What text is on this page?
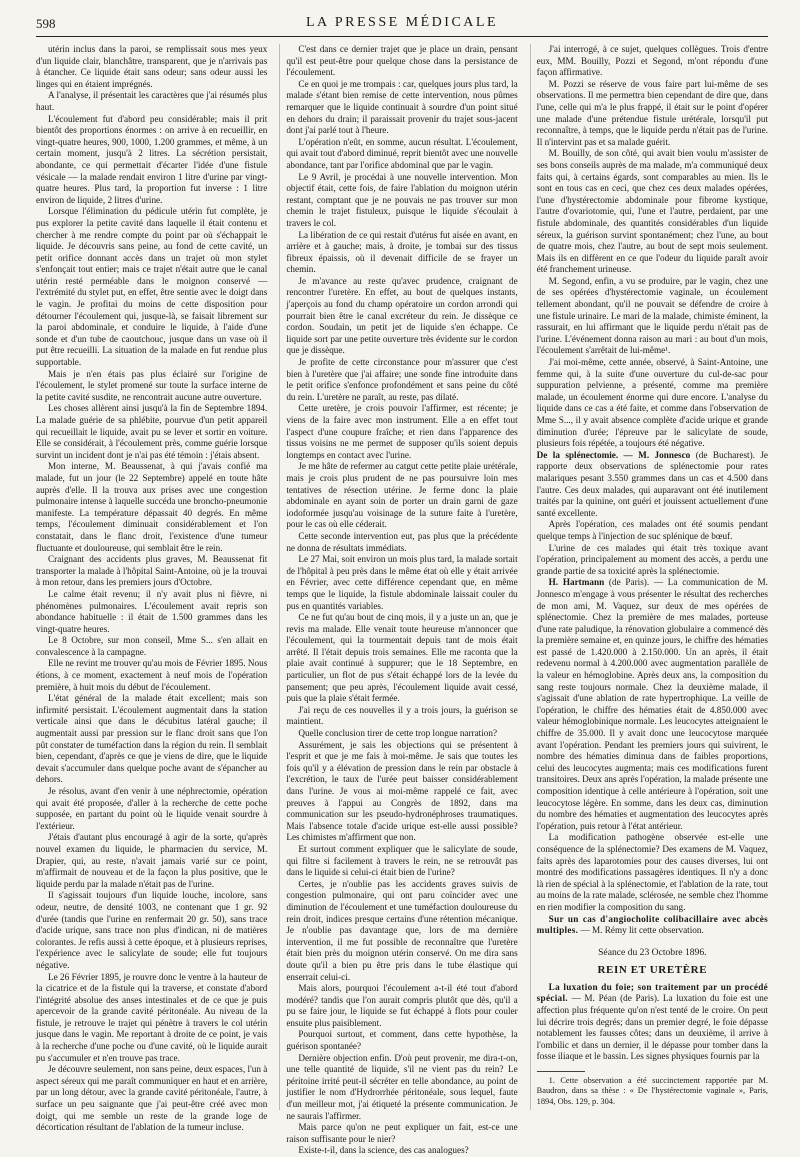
598	LA PRESSE MÉDICALE

utérin inclus dans la paroi, se remplissait sous mes yeux d'un liquide clair, blanchâtre, transparent, que je n'arrivais pas à étancher. Ce liquide était sans odeur; sans odeur aussi les linges qui en étaient imprégnés.

A l'analyse, il présentait les caractères que j'ai résumés plus haut.

L'écoulement fut d'abord peu considérable; mais il prit bientôt des proportions énormes : on arrive à en recueillir, en vingt-quatre heures, 900, 1000, 1.200 grammes, et même, à un certain moment, jusqu'à 2 litres. La sécrétion persistait, abondante, ce qui permettait d'écarter l'idée d'une fistule vésicale — la malade rendait environ 1 litre d'urine par vingt-quatre heures. Plus tard, la proportion fut inverse : 1 litre environ de liquide, 2 litres d'urine.

Lorsque l'élimination du pédicule utérin fut complète, je pus explorer la petite cavité dans laquelle il était contenu et chercher à me rendre compte du point par où s'échappait le liquide. Je découvris sans peine, au fond de cette cavité, un petit orifice donnant accès dans un trajet où mon stylet s'enfonçait tout entier; mais ce trajet n'était autre que le canal utérin resté perméable dans le moignon conservé — l'extrémité du stylet put, en effet, être sentie avec le doigt dans le vagin. Je profitai du moins de cette disposition pour détourner l'écoulement qui, jusque-là, se faisait librement sur la paroi abdominale, et conduire le liquide, à l'aide d'une sonde et d'un tube de caoutchouc, jusque dans un vase où il put être recueilli. La situation de la malade en fut rendue plus supportable.

Mais je n'en étais pas plus éclairé sur l'origine de l'écoulement, le stylet promené sur toute la surface interne de la petite cavité susdite, ne rencontrait aucune autre ouverture.

Les choses allèrent ainsi jusqu'à la fin de Septembre 1894. La malade guérie de sa phlébite, pourvue d'un petit appareil qui recueillait le liquide, avait pu se lever et sortir en voiture. Elle se considérait, à l'écoulement près, comme guérie lorsque survint un incident dont je n'ai pas été témoin : j'étais absent.

Mon interne, M. Beaussenat, à qui j'avais confié ma malade, fut un jour (le 22 Septembre) appelé en toute hâte auprès d'elle. Il la trouva aux prises avec une congestion pulmonaire intense à laquelle succéda une broncho-pneumonie manifeste. La température dépassait 40 degrés. En même temps, l'écoulement diminuait considérablement et l'on constatait, dans le flanc droit, l'existence d'une tumeur fluctuante et douloureuse, qui semblait être le rein.

Craignant des accidents plus graves, M. Beaussenat fit transporter la malade à l'hôpital Saint-Antoine, où je la trouvai à mon retour, dans les premiers jours d'Octobre.

Le calme était revenu; il n'y avait plus ni fièvre, ni phénomènes pulmonaires. L'écoulement avait repris son abondance habituelle : il était de 1.500 grammes dans les vingt-quatre heures.

Le 8 Octobre, sur mon conseil, Mme S... s'en allait en convalescence à la campagne.

Elle ne revint me trouver qu'au mois de Février 1895. Nous étions, à ce moment, exactement à neuf mois de l'opération première, à huit mois du début de l'écoulement.

L'état général de la malade était excellent; mais son infirmité persistait. L'écoulement augmentait dans la station verticale ainsi que dans le décubitus latéral gauche; il augmentait aussi par pression sur le flanc droit sans que l'on pût constater de tuméfaction dans la région du rein. Il semblait bien, cependant, d'après ce que je viens de dire, que le liquide devait s'accumuler dans quelque poche avant de s'épancher au dehors.

Je résolus, avant d'en venir à une néphrectomie, opération qui avait été proposée, d'aller à la recherche de cette poche supposée, en partant du point où le liquide venait sourdre à l'extérieur.

J'étais d'autant plus encouragé à agir de la sorte, qu'après nouvel examen du liquide, le pharmacien du service, M. Drapier, qui, au reste, n'avait jamais varié sur ce point, m'affirmait de nouveau et de la façon la plus positive, que le liquide perdu par la malade n'était pas de l'urine.

Il s'agissait toujours d'un liquide louche, incolore, sans odeur, neutre, de densité 1003, ne contenant que 1 gr. 92 d'urée (tandis que l'urine en renfermait 20 gr. 50), sans trace d'acide urique, sans trace non plus d'indican, ni de matières colorantes. Je refis aussi à cette époque, et à plusieurs reprises, l'expérience avec le salicylate de soude; elle fut toujours négative.

Le 26 Février 1895, je rouvre donc le ventre à la hauteur de la cicatrice et de la fistule qui la traverse, et constate d'abord l'intégrité absolue des anses intestinales et de ce que je puis apercevoir de la grande cavité péritonéale. Au niveau de la fistule, je retrouve le trajet qui pénètre à travers le col utérin jusque dans le vagin. Me reportant à droite de ce point, je vais à la recherche d'une poche ou d'une cavité, où le liquide aurait pu s'accumuler et n'en trouve pas trace.

Je découvre seulement, non sans peine, deux espaces, l'un à aspect séreux qui me paraît communiquer en haut et en arrière, par un long détour, avec la grande cavité péritonéale, l'autre, à surface un peu saignante que j'ai peut-être créé avec mon doigt, qui me semble un reste de la grande loge de décortication résultant de l'ablation de la tumeur incluse.

C'est dans ce dernier trajet que je place un drain, pensant qu'il est peut-être pour quelque chose dans la persistance de l'écoulement.

Ce en quoi je me trompais : car, quelques jours plus tard, la malade s'étant bien remise de cette intervention, nous pûmes remarquer que le liquide continuait à sourdre d'un point situé en dehors du drain; il paraissait provenir du trajet sous-jacent dont j'ai parlé tout à l'heure.

L'opération n'eût, en somme, aucun résultat. L'écoulement, qui avait tout d'abord diminué, reprit bientôt avec une nouvelle abondance, tant par l'orifice abdominal que par le vagin.

Le 9 Avril, je procédai à une nouvelle intervention. Mon objectif était, cette fois, de faire l'ablation du moignon utérin restant, comptant que je ne pouvais ne pas trouver sur mon chemin le trajet fistuleux, puisque le liquide s'écoulait à travers le col.

La libération de ce qui restait d'utérus fut aisée en avant, en arrière et à gauche; mais, à droite, je tombai sur des tissus fibreux épaissis, où il devenait difficile de se frayer un chemin.

Je m'avance au reste qu'avec prudence, craignant de rencontrer l'uretère. En effet, au bout de quelques instants, j'aperçois au fond du champ opératoire un cordon arrondi qui pourrait bien être le canal excréteur du rein. Je dissèque ce cordon. Soudain, un petit jet de liquide s'en échappe. Ce liquide sort par une petite ouverture très évidente sur le cordon que je dissèque.

Je profite de cette circonstance pour m'assurer que c'est bien à l'uretère que j'ai affaire; une sonde fine introduite dans le petit orifice s'enfonce profondément et sans peine du côté du rein. L'uretère ne paraît, au reste, pas dilaté.

Cette uretère, je crois pouvoir l'affirmer, est récente; je viens de la faire avec mon instrument. Elle a en effet tout l'aspect d'une coupure fraîche; et rien dans l'apparence des tissus voisins ne me permet de supposer qu'ils soient depuis longtemps en contact avec l'urine.

Je me hâte de refermer au catgut cette petite plaie urétérale, mais je crois plus prudent de ne pas poursuivre loin mes tentatives de résection utérine. Je ferme donc la plaie abdominale en ayant soin de porter un drain garni de gaze iodoformée jusqu'au voisinage de la suture faite à l'uretère, pour le cas où elle céderait.

Cette seconde intervention eut, pas plus que la précédente ne donna de résultats immédiats.

Le 27 Mai, soit environ un mois plus tard, la malade sortait de l'hôpital à peu près dans le même état où elle y était arrivée en Février, avec cette différence cependant que, en même temps que le liquide, la fistule abdominale laissait couler du pus en quantités variables.

Ce ne fut qu'au bout de cinq mois, il y a juste un an, que je revis ma malade. Elle venait toute heureuse m'annoncer que l'écoulement, qui la tourmentait depuis tant de mois était arrêté. Il l'était depuis trois semaines. Elle me raconta que la plaie avait continué à suppurer; que le 18 Septembre, en particulier, un flot de pus s'était échappé lors de la levée du pansement; que peu après, l'écoulement liquide avait cessé, puis que la plaie s'était fermée.

J'ai reçu de ces nouvelles il y a trois jours, la guérison se maintient.

Quelle conclusion tirer de cette trop longue narration?

Assurément, je sais les objections qui se présentent à l'esprit et que je me fais à moi-même. Je sais que toutes les fois qu'il y a élévation de pression dans le rein par obstacle à l'excrétion, le taux de l'urée peut baisser considérablement dans l'urine. Je vous ai moi-même rappelé ce fait, avec preuves à l'appui au Congrès de 1892, dans ma communication sur les pseudo-hydronéphroses traumatiques. Mais l'absence totale d'acide urique est-elle aussi possible? Les chimistes m'affirment que non.

Et surtout comment expliquer que le salicylate de soude, qui filtre si facilement à travers le rein, ne se retrouvât pas dans le liquide si celui-ci était bien de l'urine?

Certes, je n'oublie pas les accidents graves suivis de congestion pulmonaire, qui ont paru coïncider avec une diminution de l'écoulement et une tuméfaction douloureuse du rein droit, indices presque certains d'une rétention mécanique. Je n'oublie pas davantage que, lors de ma dernière intervention, il me fut possible de reconnaître que l'uretère était bien près du moignon utérin conservé. On me dira sans doute qu'il a bien pu être pris dans le tube élastique qui enserrait celui-ci.

Mais alors, pourquoi l'écoulement a-t-il été tout d'abord modéré? tandis que l'on aurait compris plutôt que dès, qu'il a pu se faire jour, le liquide se fut échappé à flots pour couler ensuite plus paisiblement.

Pourquoi surtout, et comment, dans cette hypothèse, la guérison spontanée?

Dernière objection enfin. D'où peut provenir, me dira-t-on, une telle quantité de liquide, s'il ne vient pas du rein? Le péritoine irrité peut-il sécréter en telle abondance, au point de justifier le nom d'Hydrorrhée péritonéale, sous lequel, faute d'un meilleur mot, j'ai étiqueté la présente communication. Je ne saurais l'affirmer.

Mais parce qu'on ne peut expliquer un fait, est-ce une raison suffisante pour le nier?

Existe-t-il, dans la science, des cas analogues?

J'ai interrogé, à ce sujet, quelques collègues. Trois d'entre eux, MM. Bouilly, Pozzi et Segond, m'ont répondu d'une façon affirmative.

M. Pozzi se réserve de vous faire part lui-même de ses observations. Il me permettra bien cependant de dire que, dans l'une, celle qui m'a le plus frappé, il était sur le point d'opérer une malade d'une prétendue fistule urétérale, lorsqu'il put reconnaître, à temps, que le liquide perdu n'était pas de l'urine. Il n'intervint pas et sa malade guérit.

M. Bouilly, de son côté, qui avait bien voulu m'assister de ses bons conseils auprès de ma malade, m'a communiqué deux faits qui, à certains égards, sont comparables au mien. Ils le sont en tous cas en ceci, que chez ces deux malades opérées, l'une d'hystérectomie abdominale pour fibrome kystique, l'autre d'ovariotomie, qui, l'une et l'autre, perdaient, par une fistule abdominale, des quantités considérables d'un liquide séreux, la guérison survint spontanément; chez l'une, au bout de quatre mois, chez l'autre, au bout de sept mois seulement. Mais ils en diffèrent en ce que l'odeur du liquide paraît avoir été franchement urineuse.

M. Segond, enfin, a vu se produire, par le vagin, chez une de ses opérées d'hystérectomie vaginale, un écoulement tellement abondant, qu'il ne pouvait se défendre de croire à une fistule urinaire. Le mari de la malade, chimiste éminent, la rassurait, en lui affirmant que le liquide perdu n'était pas de l'urine. L'événement donna raison au mari : au bout d'un mois, l'écoulement s'arrêtait de lui-même¹.

J'ai moi-même, cette année, observé, à Saint-Antoine, une femme qui, à la suite d'une ouverture du cul-de-sac pour suppuration pelvienne, a présenté, comme ma première malade, un écoulement énorme qui dure encore. L'analyse du liquide dans ce cas a été faite, et comme dans l'observation de Mme S..., il y avait absence complète d'acide urique et grande diminution d'urée; l'épreuve par le salicylate de soude, plusieurs fois répétée, a toujours été négative.

De la splénectomie. — M. Jonnesco (de Bucharest). Je rapporte deux observations de splénectomie pour rates malariques pesant 3.550 grammes dans un cas et 4.500 dans l'autre. Ces deux malades, qui auparavant ont été inutilement traités par la quinine, ont guéri et jouissent actuellement d'une santé excellente.

Après l'opération, ces malades ont été soumis pendant quelque temps à l'injection de suc splénique de bœuf.

L'urine de ces malades qui était très toxique avant l'opération, principalement au moment des accès, a perdu une grande partie de sa toxicité après la splénectomie.

H. Hartmann (de Paris). — La communication de M. Jonnesco m'engage à vous présenter le résultat des recherches de mon ami, M. Vaquez, sur deux de mes opérées de splénectomie. Chez la première de mes malades, porteuse d'une rate paludique, la rénovation globulaire a commencé dès la première semaine et, en quinze jours, le chiffre des hématies est passé de 1.420.000 à 2.150.000. Un an après, il était redevenu normal à 4.200.000 avec augmentation parallèle de la valeur en hémoglobine. Après deux ans, la composition du sang reste toujours normale. Chez la deuxième malade, il s'agissait d'une ablation de rate hypertrophique. La veille de l'opération, le chiffre des hématies était de 4.850.000 avec valeur hémoglobinique normale. Les leucocytes atteignaient le chiffre de 35.000. Il y avait donc une leucocytose marquée avant l'opération. Pendant les premiers jours qui suivirent, le nombre des hématies diminua dans de faibles proportions, celui des leucocytes augmenta; mais ces modifications furent transitoires. Deux ans après l'opération, la malade présente une composition identique à celle antérieure à l'opération, soit une leucocytose légère. En somme, dans les deux cas, diminution du nombre des hématies et augmentation des leucocytes après l'opération, puis retour à l'état antérieur.

La modification pathogène observée est-elle une conséquence de la splénectomie? Des examens de M. Vaquez, faits après des laparotomies pour des causes diverses, lui ont montré des modifications passagères identiques. Il n'y a donc là rien de spécial à la splénectomie, et l'ablation de la rate, tout au moins de la rate malade, sclérosée, ne semble chez l'homme en rien modifier la composition du sang.

Sur un cas d'angiocholite colibacillaire avec abcès multiples. — M. Rémy lit cette observation.

Séance du 23 Octobre 1896.
REIN ET URETÈRE

La luxation du foie; son traitement par un procédé spécial. — M. Péan (de Paris). La luxation du foie est une affection plus fréquente qu'on n'est tenté de le croire. On peut lui décrire trois degrés; dans un premier degré, le foie dépasse notablement les fausses côtes; dans un deuxième, il arrive à l'ombilic et dans un dernier, il le dépasse pour tomber dans la fosse iliaque et le bassin. Les signes physiques fournis par la

1. Cette observation a été succinctement rapportée par M. Baudron, dans sa thèse : « De l'hystérectomie vaginale », Paris, 1894, Obs. 129, p. 304.
